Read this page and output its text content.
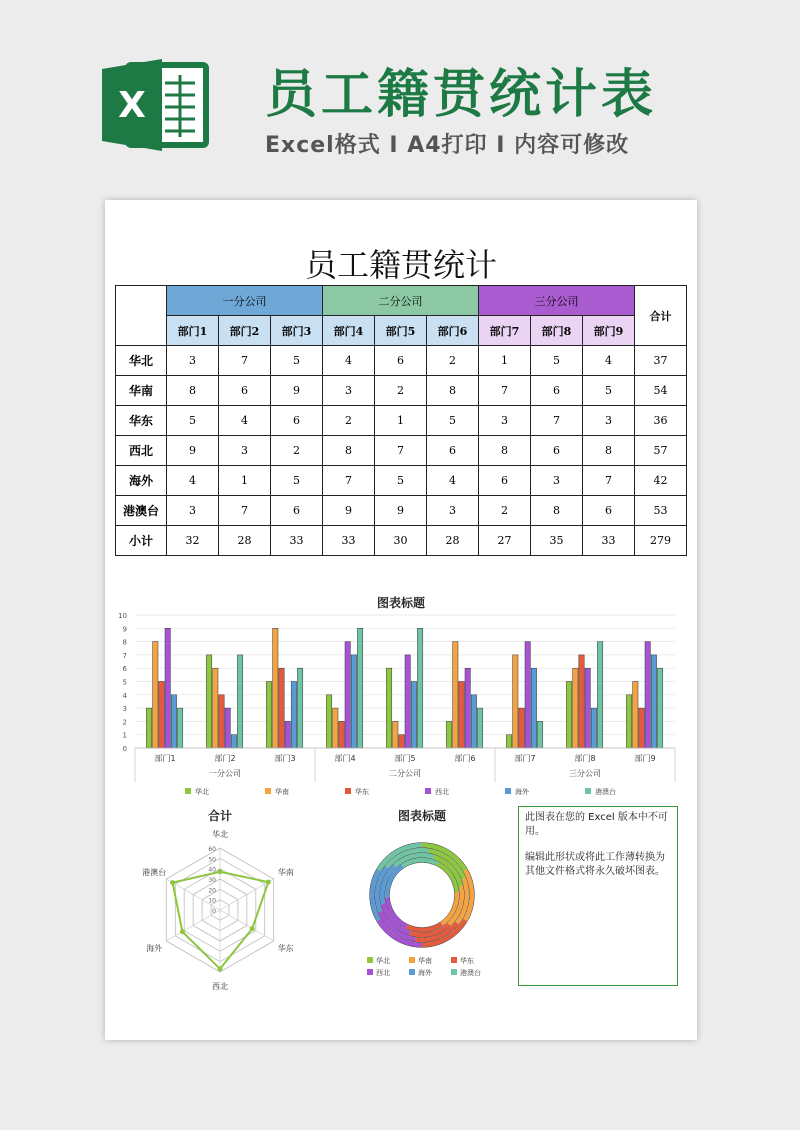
X 员工籍贯统计表
Excel格式 I A4打印 I 内容可修改
员工籍贯统计
	一分公司			二分公司			三分公司			合计
	部门1	部门2	部门3	部门4	部门5	部门6	部门7	部门8	部门9	
华北	3	7	5	4	6	2	1	5	4	37
华南	8	6	9	3	2	8	7	6	5	54
华东	5	4	6	2	1	5	3	7	3	36
西北	9	3	2	8	7	6	8	6	8	57
海外	4	1	5	7	5	4	6	3	7	42
港澳台	3	7	6	9	9	3	2	8	6	53
小计	32	28	33	33	30	28	27	35	33	279
图表标题
0
1
2
3
4
5
6
7
8
9
10
部门1	部门2	部门3	部门4	部门5	部门6	部门7	部门8	部门9
一分公司	二分公司	三分公司
华北	华南	华东	西北	海外	港澳台
合计
华北
华南
华东
西北
海外
港澳台
0
10
20
30
40
50
60
图表标题
华北	华南	华东
西北	海外	港澳台

此图表在您的 Excel 版本中不可用。

编辑此形状或将此工作薄转换为其他文件格式将永久破坏图表。
